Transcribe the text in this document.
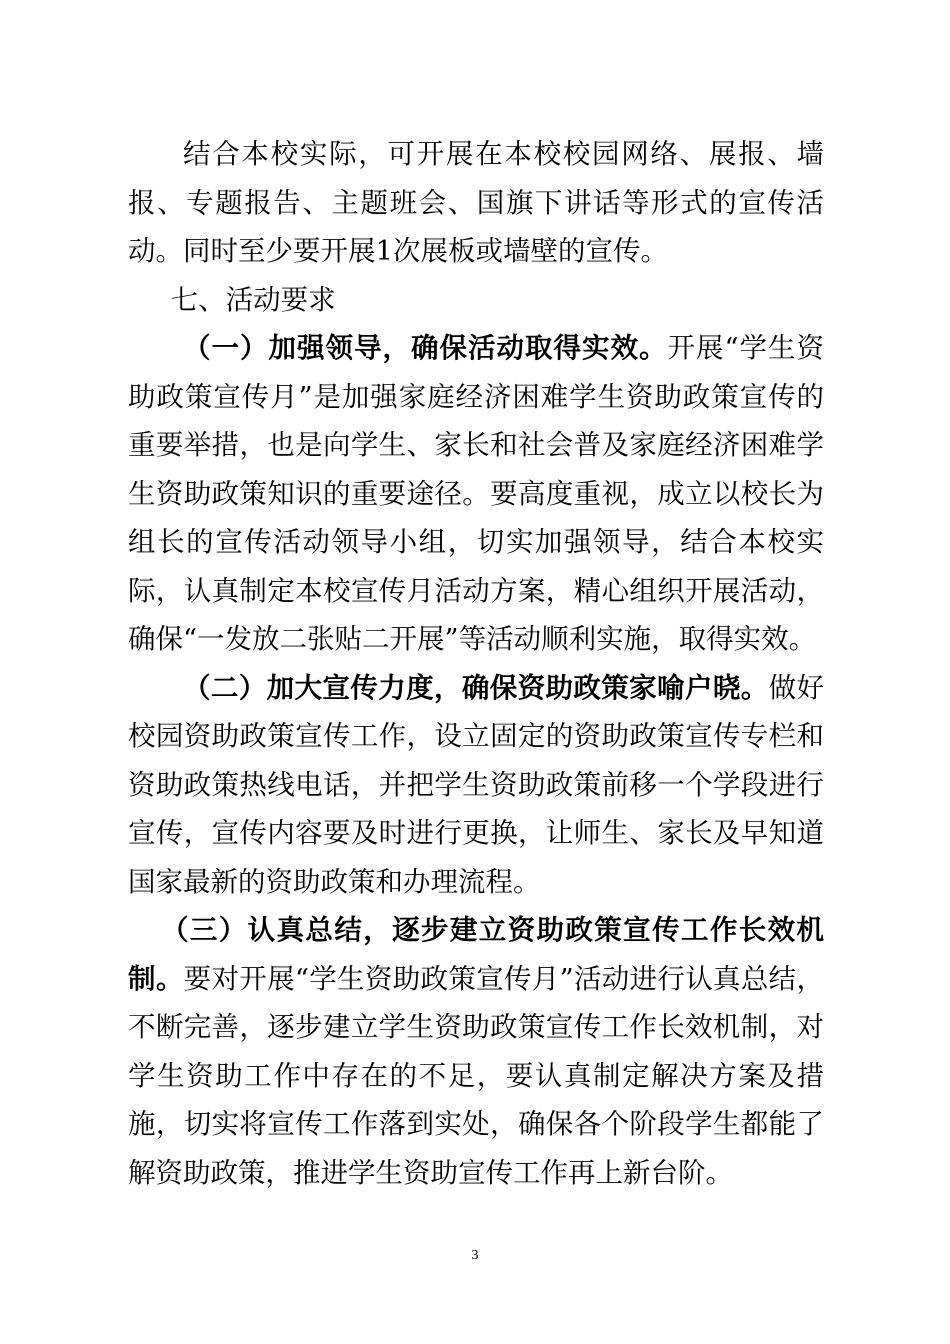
结合本校实际，可开展在本校校园网络、展报、墙报、专题报告、主题班会、国旗下讲话等形式的宣传活动。同时至少要开展1次展板或墙壁的宣传。

七、活动要求

（一）加强领导，确保活动取得实效。开展“学生资助政策宣传月”是加强家庭经济困难学生资助政策宣传的重要举措，也是向学生、家长和社会普及家庭经济困难学生资助政策知识的重要途径。要高度重视，成立以校长为组长的宣传活动领导小组，切实加强领导，结合本校实际，认真制定本校宣传月活动方案，精心组织开展活动，确保“一发放二张贴二开展”等活动顺利实施，取得实效。

（二）加大宣传力度，确保资助政策家喻户晓。做好校园资助政策宣传工作，设立固定的资助政策宣传专栏和资助政策热线电话，并把学生资助政策前移一个学段进行宣传，宣传内容要及时进行更换，让师生、家长及早知道国家最新的资助政策和办理流程。

（三）认真总结，逐步建立资助政策宣传工作长效机制。要对开展“学生资助政策宣传月”活动进行认真总结，不断完善，逐步建立学生资助政策宣传工作长效机制，对学生资助工作中存在的不足，要认真制定解决方案及措施，切实将宣传工作落到实处，确保各个阶段学生都能了解资助政策，推进学生资助宣传工作再上新台阶。

3
